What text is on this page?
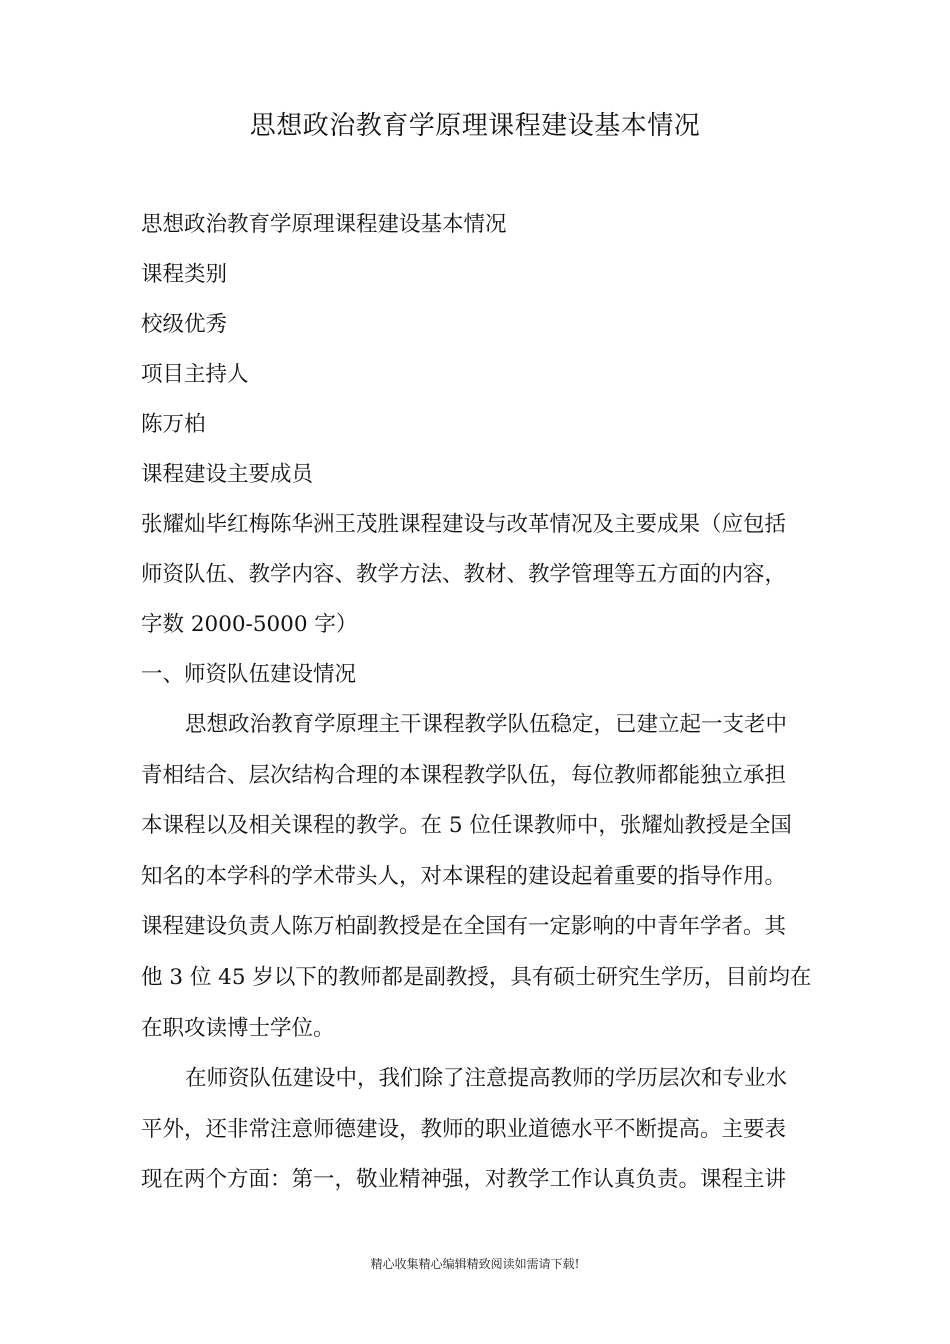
思想政治教育学原理课程建设基本情况
思想政治教育学原理课程建设基本情况
课程类别
校级优秀
项目主持人
陈万柏
课程建设主要成员
张耀灿毕红梅陈华洲王茂胜课程建设与改革情况及主要成果（应包括
师资队伍、教学内容、教学方法、教材、教学管理等五方面的内容，
字数 2000-5000 字）
一、师资队伍建设情况
思想政治教育学原理主干课程教学队伍稳定，已建立起一支老中
青相结合、层次结构合理的本课程教学队伍，每位教师都能独立承担
本课程以及相关课程的教学。在 5 位任课教师中，张耀灿教授是全国
知名的本学科的学术带头人，对本课程的建设起着重要的指导作用。
课程建设负责人陈万柏副教授是在全国有一定影响的中青年学者。其
他 3 位 45 岁以下的教师都是副教授，具有硕士研究生学历，目前均在
在职攻读博士学位。
在师资队伍建设中，我们除了注意提高教师的学历层次和专业水
平外，还非常注意师德建设，教师的职业道德水平不断提高。主要表
现在两个方面：第一，敬业精神强，对教学工作认真负责。课程主讲
精心收集精心编辑精致阅读如需请下载!
